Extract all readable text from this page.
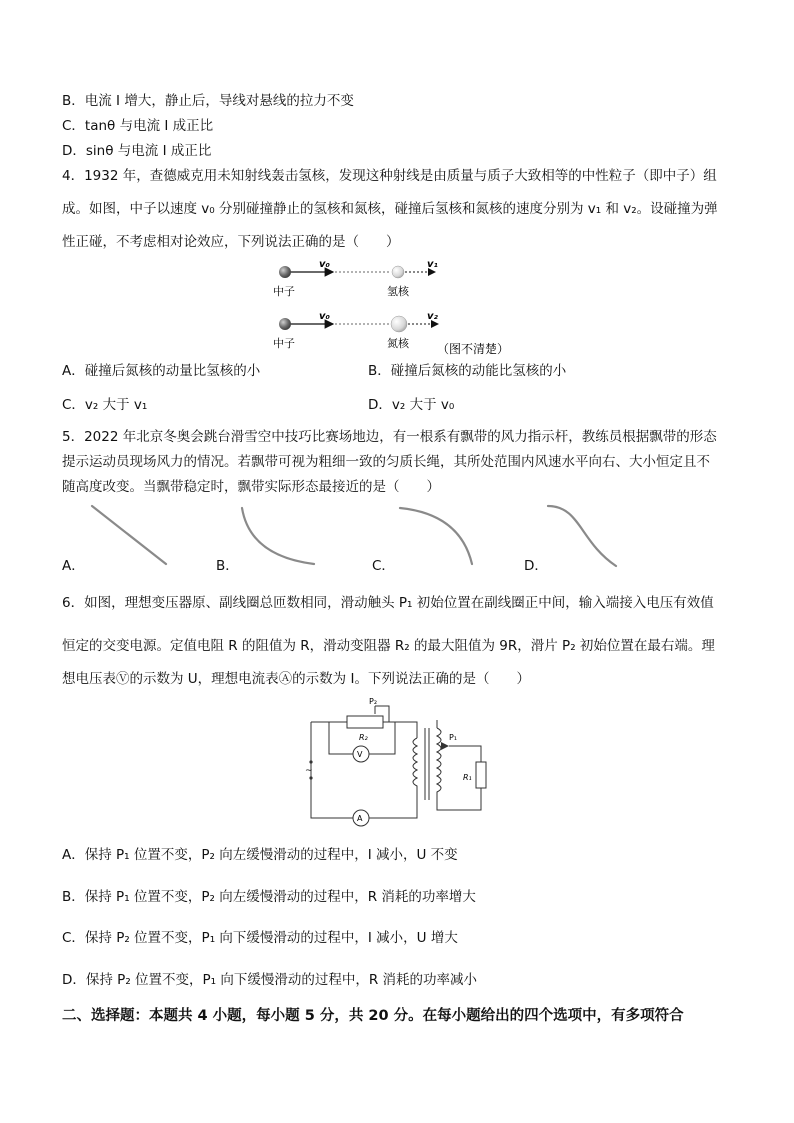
B．电流 I 增大，静止后，导线对悬线的拉力不变
C．tanθ 与电流 I 成正比
D．sinθ 与电流 I 成正比
4．1932 年，查德威克用未知射线轰击氢核，发现这种射线是由质量与质子大致相等的中性粒子（即中子）组
成。如图，中子以速度 v₀ 分别碰撞静止的氢核和氮核，碰撞后氢核和氮核的速度分别为 v₁ 和 v₂。设碰撞为弹
性正碰，不考虑相对论效应，下列说法正确的是（　　）
v₀	v₁
中子	氢核
v₀	v₂
中子	氮核 （图不清楚）
A．碰撞后氮核的动量比氢核的小	B．碰撞后氮核的动能比氢核的小
C．v₂ 大于 v₁	D．v₂ 大于 v₀
5．2022 年北京冬奥会跳台滑雪空中技巧比赛场地边，有一根系有飘带的风力指示杆，教练员根据飘带的形态
提示运动员现场风力的情况。若飘带可视为粗细一致的匀质长绳，其所处范围内风速水平向右、大小恒定且不
随高度改变。当飘带稳定时，飘带实际形态最接近的是（　　）
A．	B．	C．	D．
6．如图，理想变压器原、副线圈总匝数相同，滑动触头 P₁ 初始位置在副线圈正中间，输入端接入电压有效值
恒定的交变电源。定值电阻 R 的阻值为 R，滑动变阻器 R₂ 的最大阻值为 9R，滑片 P₂ 初始位置在最右端。理
想电压表Ⓥ的示数为 U，理想电流表Ⓐ的示数为 I。下列说法正确的是（　　）
~
P₂
R₂
V
A
P₁
R₁
A．保持 P₁ 位置不变，P₂ 向左缓慢滑动的过程中，I 减小，U 不变
B．保持 P₁ 位置不变，P₂ 向左缓慢滑动的过程中，R 消耗的功率增大
C．保持 P₂ 位置不变，P₁ 向下缓慢滑动的过程中，I 减小，U 增大
D．保持 P₂ 位置不变，P₁ 向下缓慢滑动的过程中，R 消耗的功率减小
二、选择题：本题共 4 小题，每小题 5 分，共 20 分。在每小题给出的四个选项中，有多项符合
